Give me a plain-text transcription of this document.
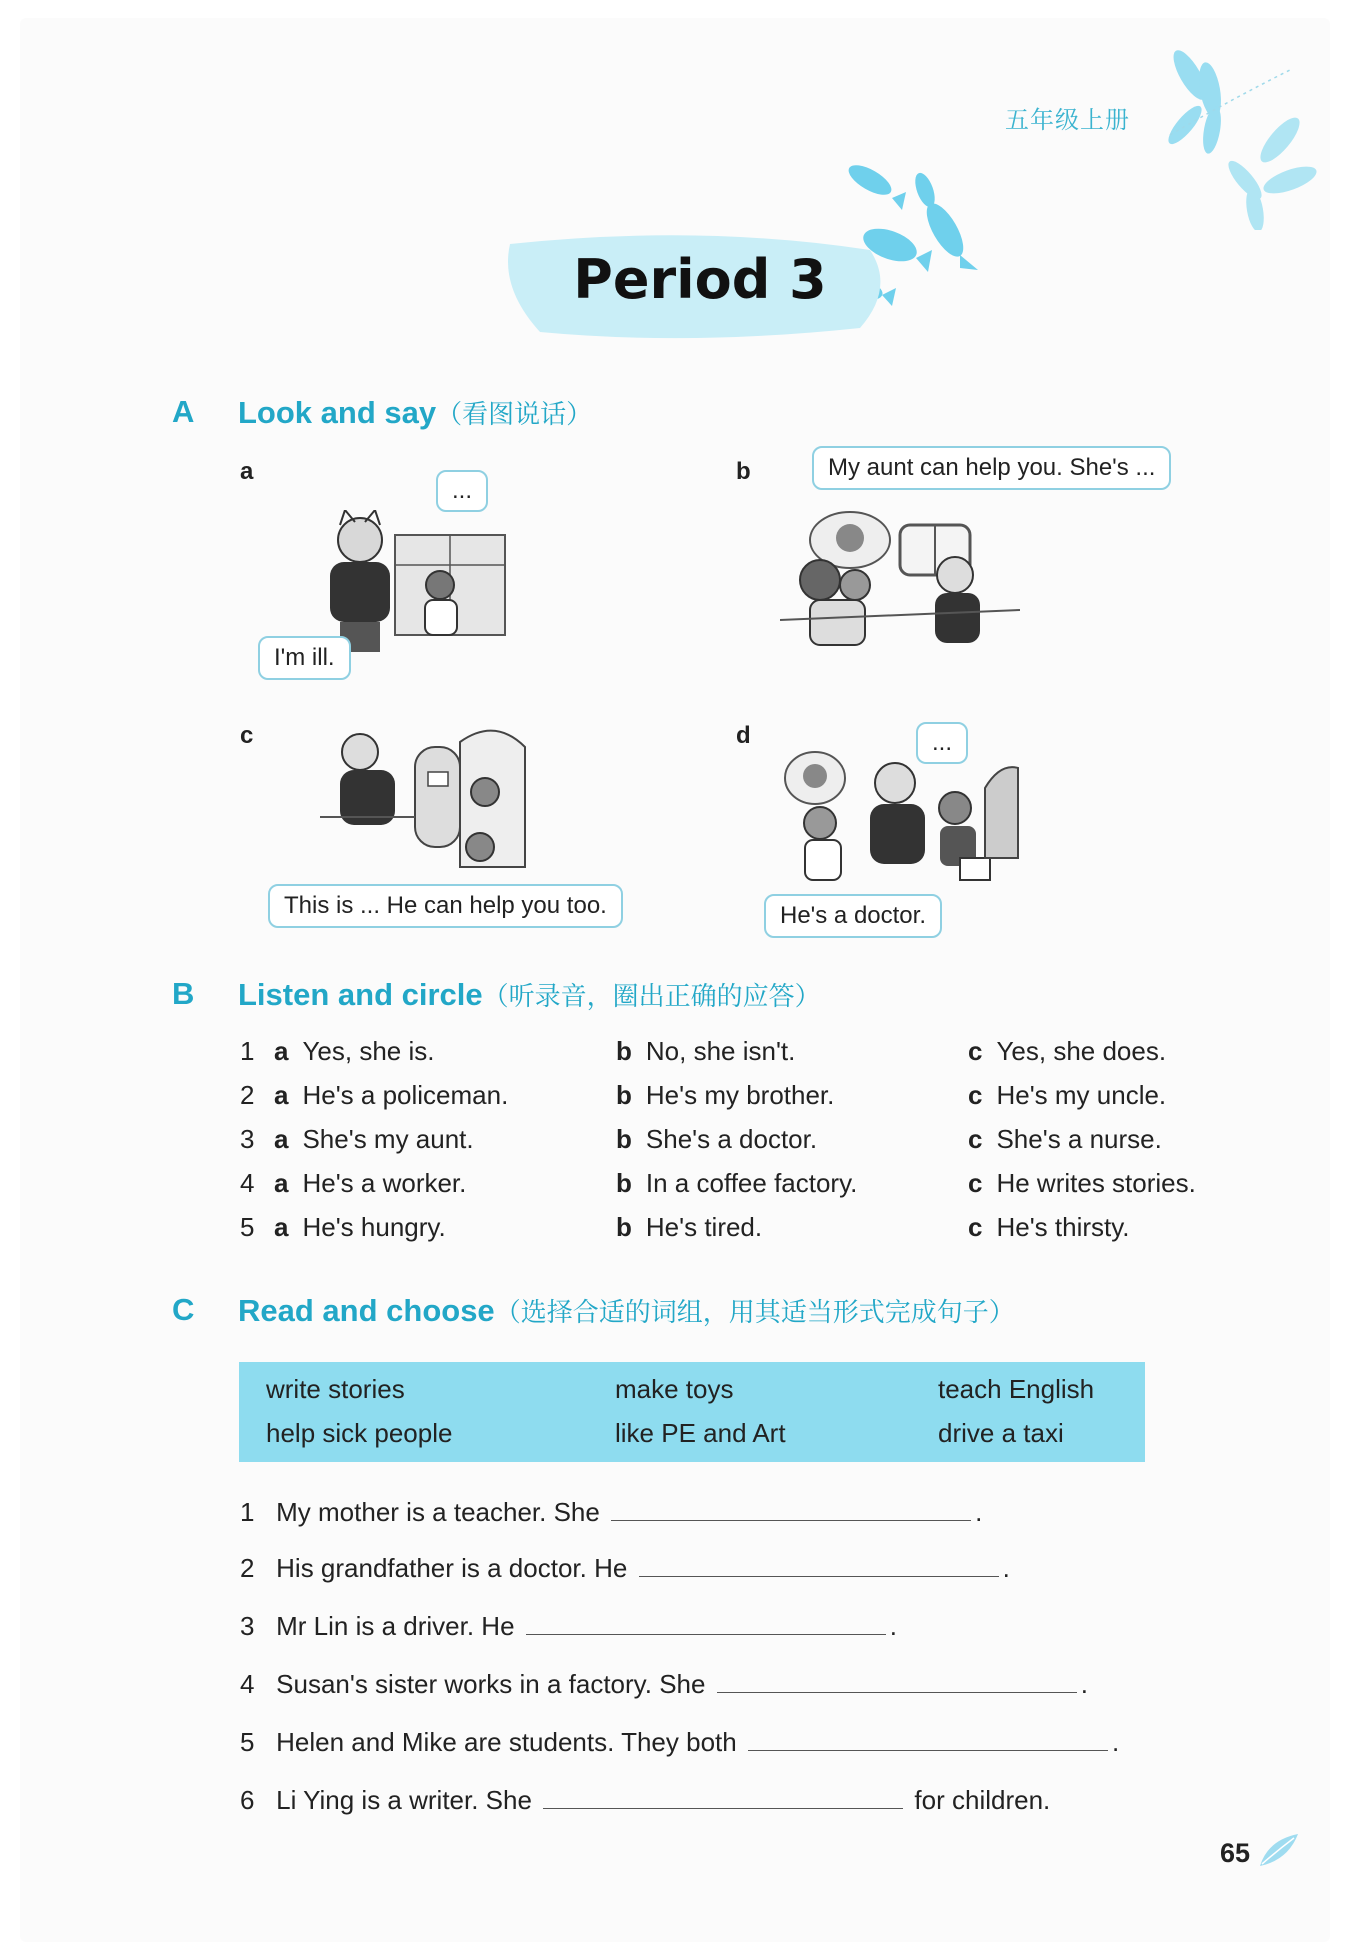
五年级上册
Period 3
A Look and say（看图说话）
a
...
I'm ill.
b	My aunt can help you. She's ...
c
This is ... He can help you too.
d	...
He's a doctor.
B Listen and circle（听录音，圈出正确的应答）
1 a Yes, she is.	b No, she isn't.	c Yes, she does.
2 a He's a policeman.	b He's my brother.	c He's my uncle.
3 a She's my aunt.	b She's a doctor.	c She's a nurse.
4 a He's a worker.	b In a coffee factory.	c He writes stories.
5 a He's hungry.	b He's tired.	c He's thirsty.
C Read and choose（选择合适的词组，用其适当形式完成句子）
write stories	make toys	teach English
help sick people	like PE and Art	drive a taxi
1 My mother is a teacher. She	.
2 His grandfather is a doctor. He	.
3 Mr Lin is a driver. He	.
4 Susan's sister works in a factory. She	.
5 Helen and Mike are students. They both	.
6 Li Ying is a writer. She	for children.
65
